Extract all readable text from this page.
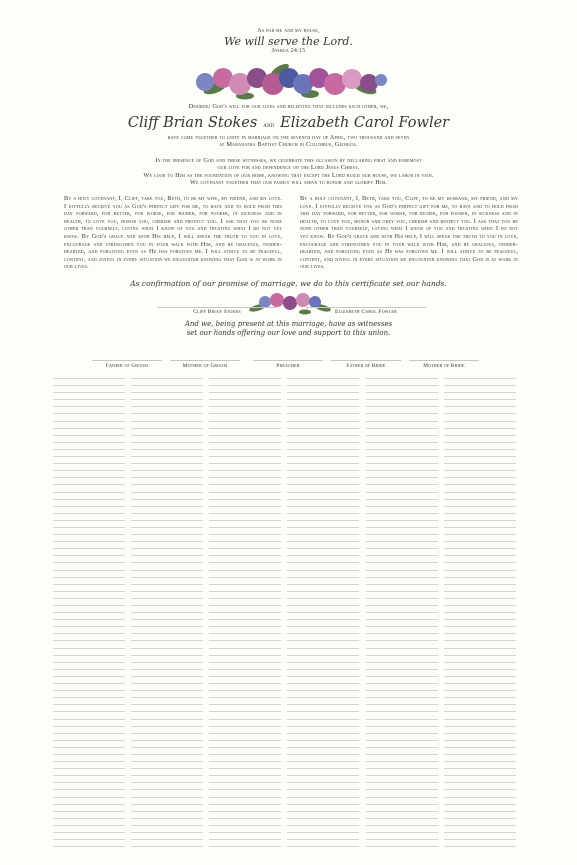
As for me and my house,
We will serve the Lord.
Joshua 24:15
Desiring God's will for our lives and believing that includes each other, we,
Cliff Brian Stokes and Elizabeth Carol Fowler
have come together to unite in marriage on the seventh day of April, two thousand and seven
at Maranatha Baptist Church in Columbus, Georgia.
In the presence of God and these witnesses, we celebrate this occasion by declaring first and foremost
our love for and dependence on the Lord Jesus Christ.
We look to Him as the foundation of our home, knowing that except the Lord build our house, we labor in vain.
We covenant together that our family will serve to honor and glorify Him.
By a holy covenant, I, Cliff, take you, Beth, to be my wife, my friend, and my love. I joyfully receive you as God's perfect gift for me, to have and to hold from this day forward, for better, for worse, for richer, for poorer, in sickness and in health, to love you, honor you, cherish and protect you. I ask that you be none other than yourself, loving what I know of you and trusting what I do not yet know. By God's grace and with His help, I will speak the truth to you in love, encourage and strengthen you in your walk with Him, and be gracious, tender-hearted, and forgiving even as He has forgiven me. I will strive to be peaceful, content, and joyful in every situation we encounter knowing that God is at work in our lives.
By a holy covenant, I, Beth, take you, Cliff, to be my husband, my friend, and my love. I joyfully receive you as God's perfect gift for me, to have and to hold from this day forward, for better, for worse, for richer, for poorer, in sickness and in health, to love you, honor and obey you, cherish and respect you. I ask that you be none other than yourself, loving what I know of you and trusting what I do not yet know. By God's grace and with His help, I will speak the truth to you in love, encourage and strengthen you in your walk with Him, and be gracious, tender-hearted, and forgiving even as He has forgiven me. I will strive to be peaceful, content, and joyful in every situation we encounter knowing that God is at work in our lives.
As confirmation of our promise of marriage, we do to this certificate set our hands.
Cliff Brian Stokes	Elizabeth Carol Fowler
And we, being present at this marriage, have as witnesses
set our hands offering our love and support to this union.
Father of Groom	Mother of Groom	Preacher	Father of Bride	Mother of Bride
